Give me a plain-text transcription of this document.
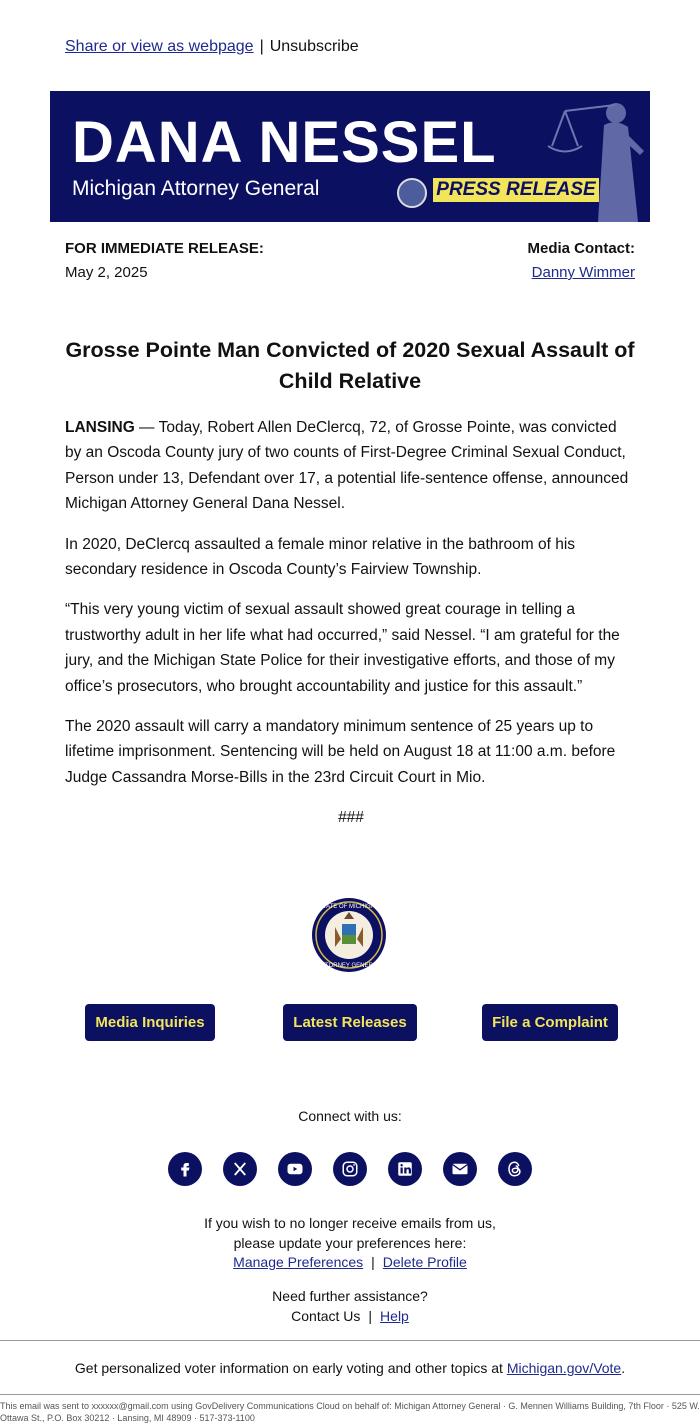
Share or view as webpage | Unsubscribe
DANA NESSEL
Michigan Attorney General	PRESS RELEASE
FOR IMMEDIATE RELEASE:
May 2, 2025
Media Contact:
Danny Wimmer
Grosse Pointe Man Convicted of 2020 Sexual Assault of Child Relative

LANSING — Today, Robert Allen DeClercq, 72, of Grosse Pointe, was convicted by an Oscoda County jury of two counts of First-Degree Criminal Sexual Conduct, Person under 13, Defendant over 17, a potential life-sentence offense, announced Michigan Attorney General Dana Nessel.

In 2020, DeClercq assaulted a female minor relative in the bathroom of his secondary residence in Oscoda County’s Fairview Township.

“This very young victim of sexual assault showed great courage in telling a trustworthy adult in her life what had occurred,” said Nessel. “I am grateful for the jury, and the Michigan State Police for their investigative efforts, and those of my office’s prosecutors, who brought accountability and justice for this assault.”

The 2020 assault will carry a mandatory minimum sentence of 25 years up to lifetime imprisonment. Sentencing will be held on August 18 at 11:00 a.m. before Judge Cassandra Morse-Bills in the 23rd Circuit Court in Mio.

###

STATE OF MICHIGAN
ATTORNEY GENERAL
Media Inquiries	Latest Releases	File a Complaint
Connect with us:
If you wish to no longer receive emails from us,
please update your preferences here:
Manage Preferences | Delete Profile
Need further assistance?
Contact Us | Help
Get personalized voter information on early voting and other topics at Michigan.gov/Vote.
This email was sent to xxxxxx@gmail.com using GovDelivery Communications Cloud on behalf of: Michigan Attorney General · G. Mennen Williams Building, 7th Floor · 525 W. Ottawa St., P.O. Box 30212 · Lansing, MI 48909 · 517-373-1100
